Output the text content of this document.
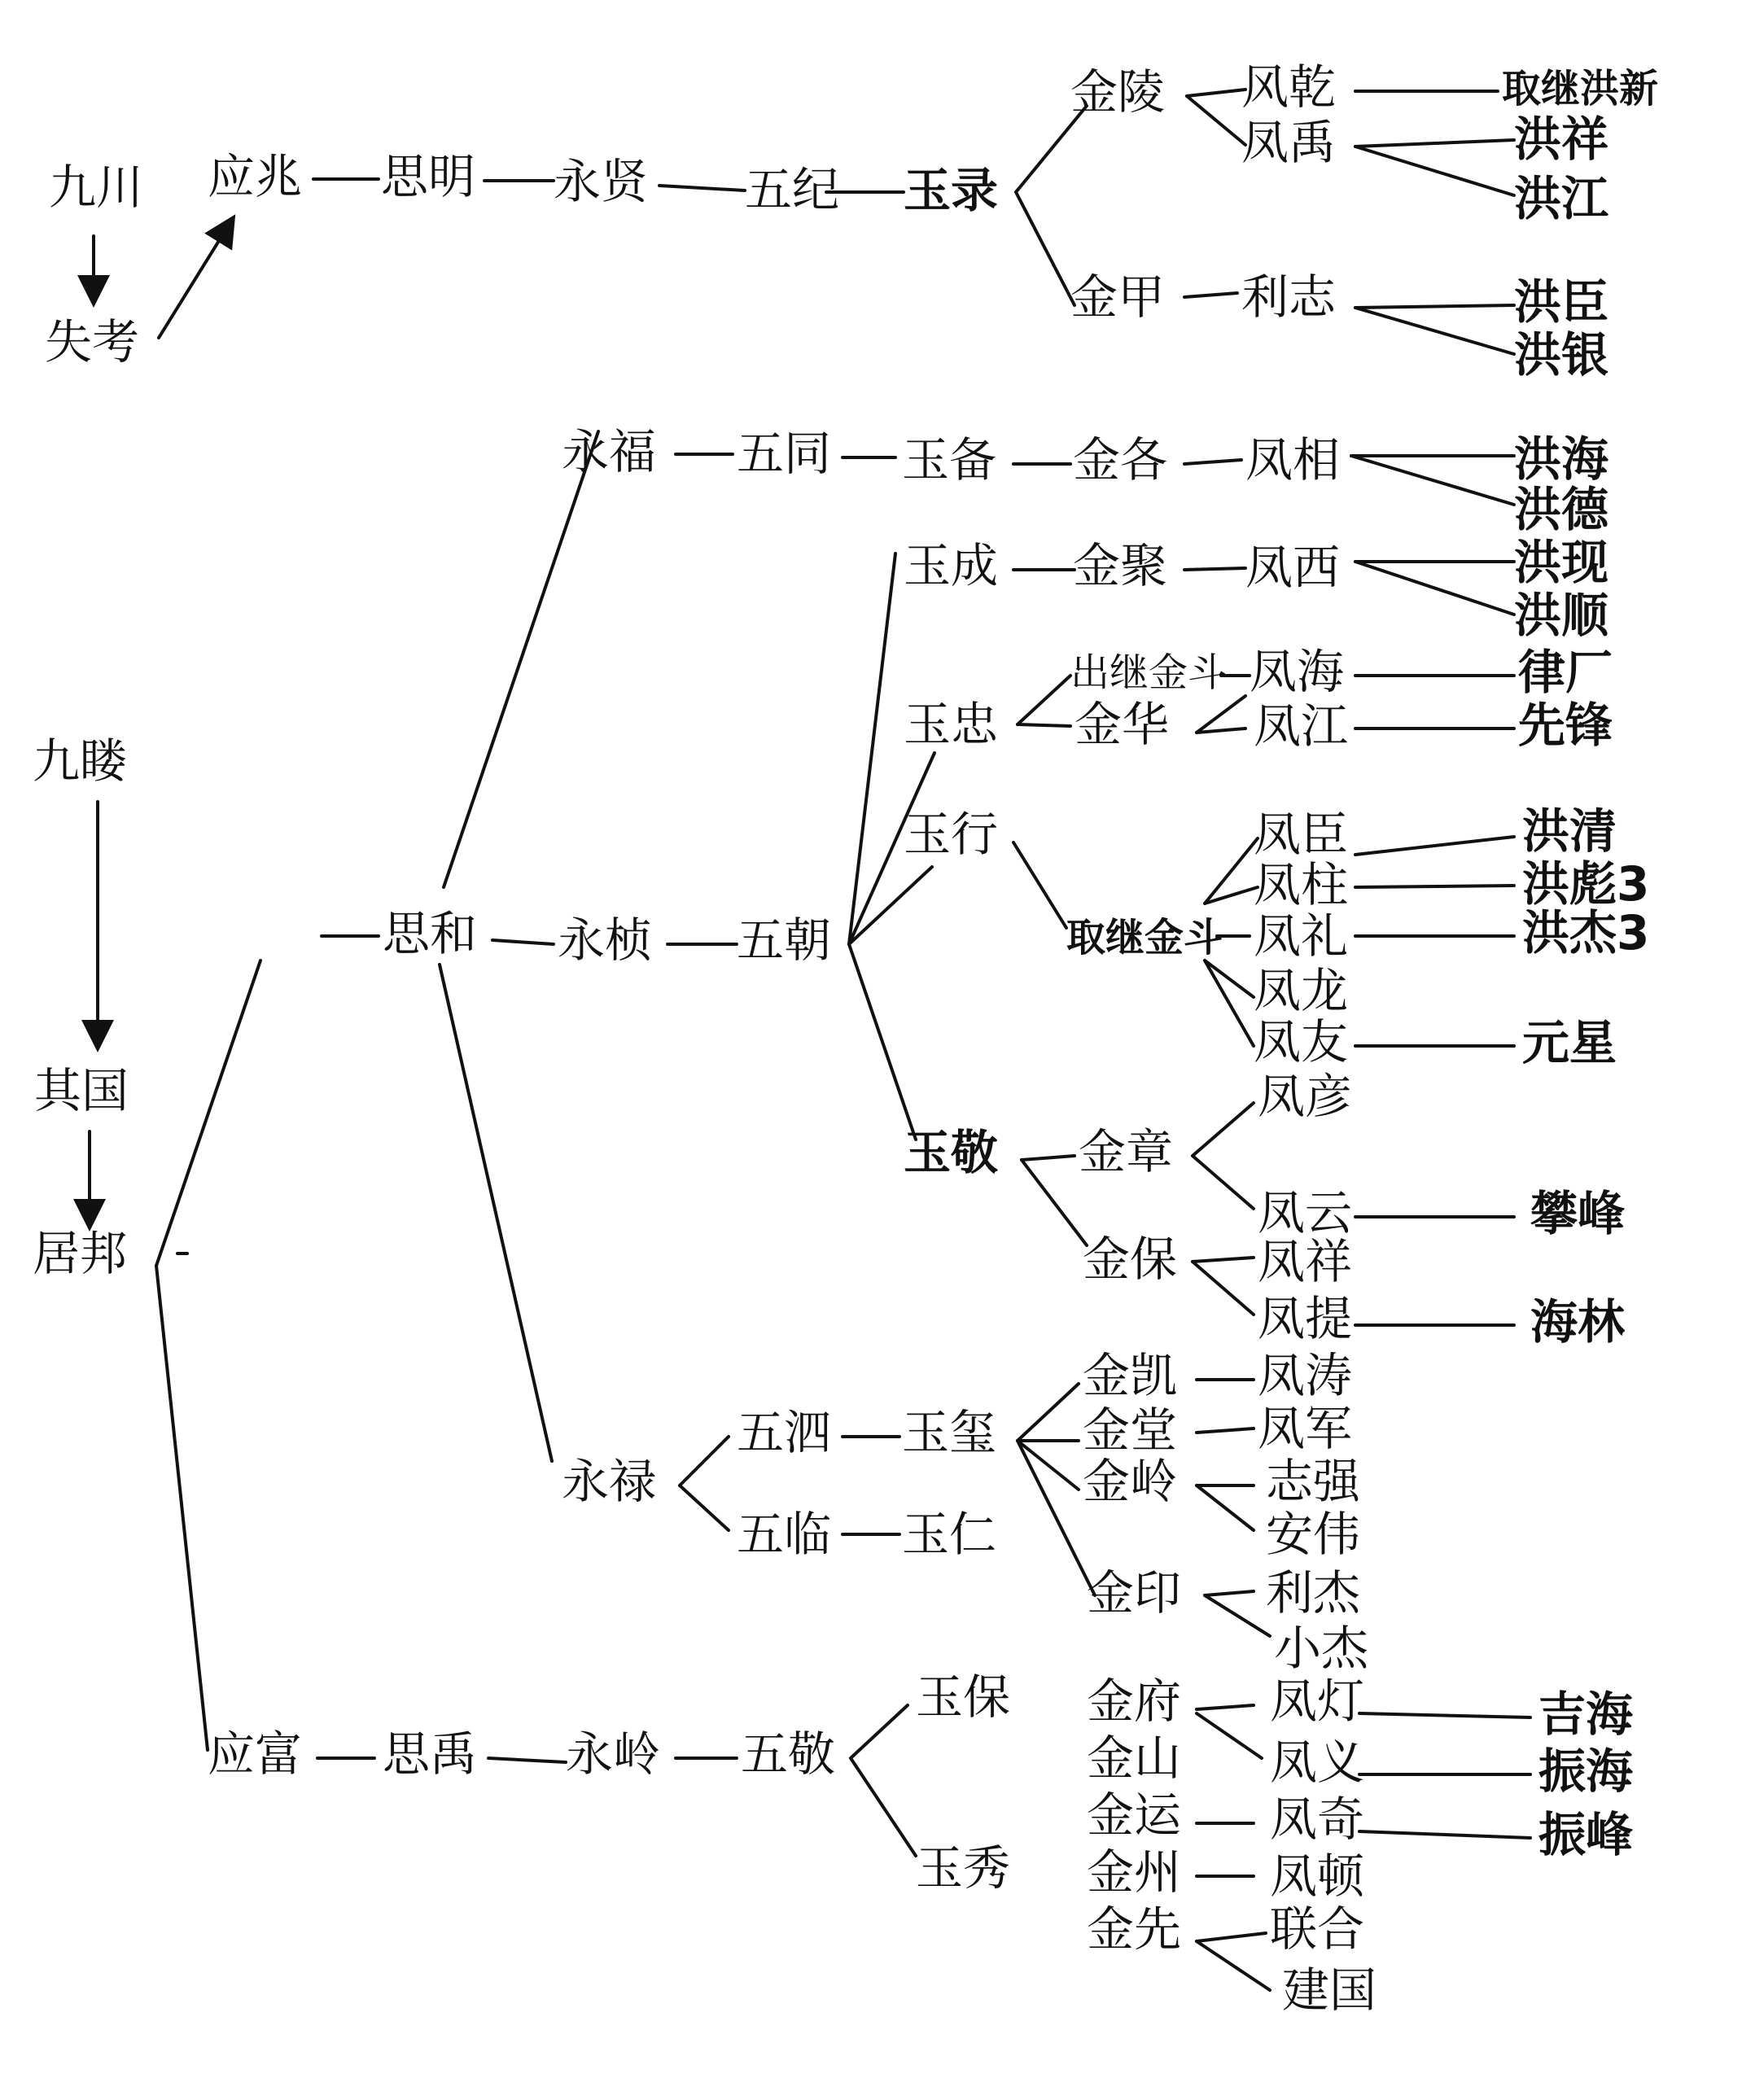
九川
失考
九䁖
其国
居邦
应兆 思明 永贤 五纪 玉录
金陵 风乾	取继洪新
凤禹	洪祥
洪江
金甲 利志	洪臣
洪银
思和
永福 五同 玉备 金各 凤相	洪海
洪德
永桢 五朝
玉成 金聚 凤西	洪现
洪顺
玉忠
出继金斗
金华
凤海	律厂
凤江	先锋
玉行
取继金斗
凤臣	洪清
凤柱	洪彪3
凤礼	洪杰3
凤龙
凤友	元星
玉敬 金章
凤彦
凤云	攀峰
金保 凤祥
凤提	海林
永禄
五泗 玉玺
五临 玉仁
金凯 凤涛
金堂 凤军
金岭 志强
安伟
金印 利杰
小杰
应富 思禹 永岭 五敬
玉保
玉秀
金府 凤灯	吉海
金山 凤义	振海
金运 凤奇	振峰
金州 凤顿
金先 联合
建国
